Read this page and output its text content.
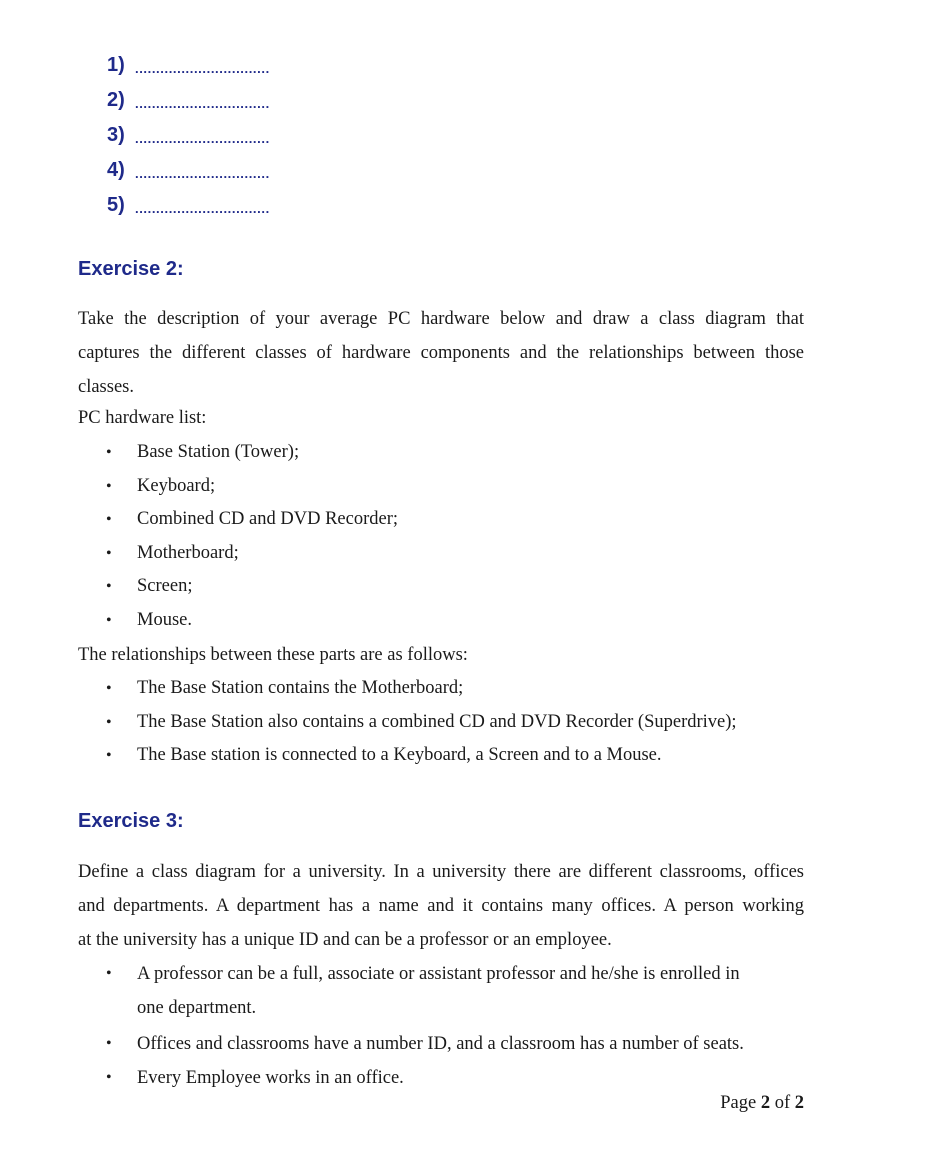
1) ................................
2) ................................
3) ................................
4) ................................
5) ................................
Exercise 2:
Take the description of your average PC hardware below and draw a class diagram that
captures the different classes of hardware components and the relationships between those
classes.

PC hardware list:

•	Base Station (Tower);
•	Keyboard;
•	Combined CD and DVD Recorder;
•	Motherboard;
•	Screen;
•	Mouse.

The relationships between these parts are as follows:

•	The Base Station contains the Motherboard;
•	The Base Station also contains a combined CD and DVD Recorder (Superdrive);
•	The Base station is connected to a Keyboard, a Screen and to a Mouse.
Exercise 3:
Define a class diagram for a university. In a university there are different classrooms, offices
and departments. A department has a name and it contains many offices. A person working
at the university has a unique ID and can be a professor or an employee.
•	A professor can be a full, associate or assistant professor and he/she is enrolled in
one department.
•	Offices and classrooms have a number ID, and a classroom has a number of seats.
•	Every Employee works in an office.

Page 2 of 2
